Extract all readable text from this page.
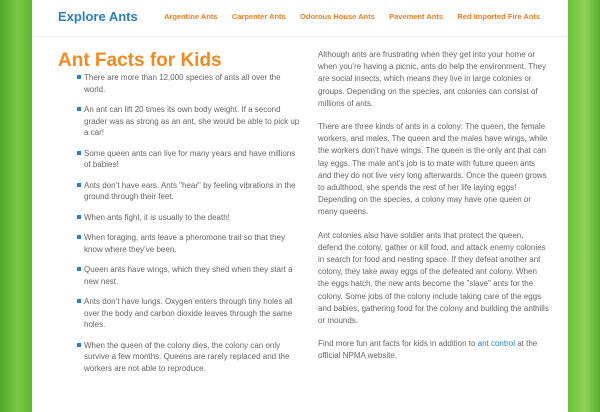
Explore Ants	Argentine Ants Carpenter Ants Odorous House Ants Pavement Ants Red Imported Fire Ants
Ant Facts for Kids
There are more than 12,000 species of ants all over the world.
An ant can lift 20 times its own body weight. If a second grader was as strong as an ant, she would be able to pick up a car!
Some queen ants can live for many years and have millions of babies!
Ants don’t have ears. Ants "hear" by feeling vibrations in the ground through their feet.
When ants fight, it is usually to the death!
When foraging, ants leave a pheromone trail so that they know where they’ve been.
Queen ants have wings, which they shed when they start a new nest.
Ants don’t have lungs. Oxygen enters through tiny holes all over the body and carbon dioxide leaves through the same holes.
When the queen of the colony dies, the colony can only survive a few months. Queens are rarely replaced and the workers are not able to reproduce.

Although ants are frustrating when they get into your home or when you’re having a picnic, ants do help the environment. They are social insects, which means they live in large colonies or groups. Depending on the species, ant colonies can consist of millions of ants.

There are three kinds of ants in a colony: The queen, the female workers, and males. The queen and the males have wings, while the workers don’t have wings. The queen is the only ant that can lay eggs. The male ant’s job is to mate with future queen ants and they do not live very long afterwards. Once the queen grows to adulthood, she spends the rest of her life laying eggs! Depending on the species, a colony may have one queen or many queens.

Ant colonies also have soldier ants that protect the queen, defend the colony, gather or kill food, and attack enemy colonies in search for food and nesting space. If they defeat another ant colony, they take away eggs of the defeated ant colony. When the eggs hatch, the new ants become the "slave" ants for the colony. Some jobs of the colony include taking care of the eggs and babies, gathering food for the colony and building the anthills or mounds.

Find more fun ant facts for kids in addition to ant control at the official NPMA website.
